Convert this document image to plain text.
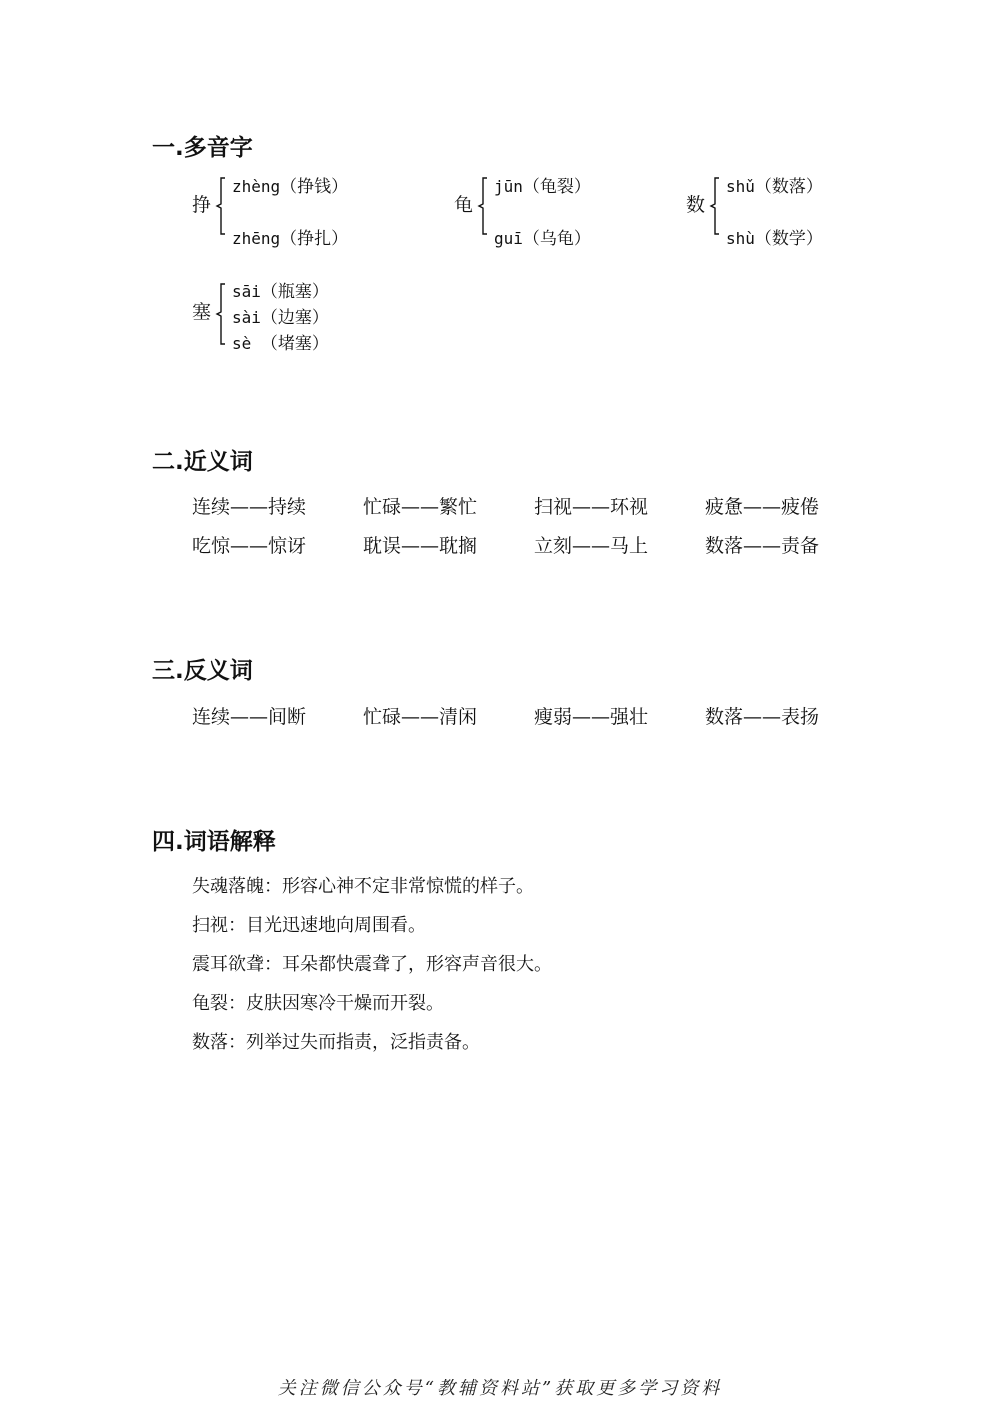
一.多音字
挣
zhèng（挣钱）
zhēng（挣扎）
龟
jūn（龟裂）
guī（乌龟）
数
shǔ（数落）
shù（数学）
塞
sāi（瓶塞）
sài（边塞）
sè （堵塞）
二.近义词
连续——持续	忙碌——繁忙	扫视——环视	疲惫——疲倦
吃惊——惊讶	耽误——耽搁	立刻——马上	数落——责备
三.反义词
连续——间断	忙碌——清闲	瘦弱——强壮	数落——表扬
四.词语解释
失魂落魄：形容心神不定非常惊慌的样子。
扫视：目光迅速地向周围看。
震耳欲聋：耳朵都快震聋了，形容声音很大。
龟裂：皮肤因寒冷干燥而开裂。
数落：列举过失而指责，泛指责备。
关注微信公众号“教辅资料站”获取更多学习资料
